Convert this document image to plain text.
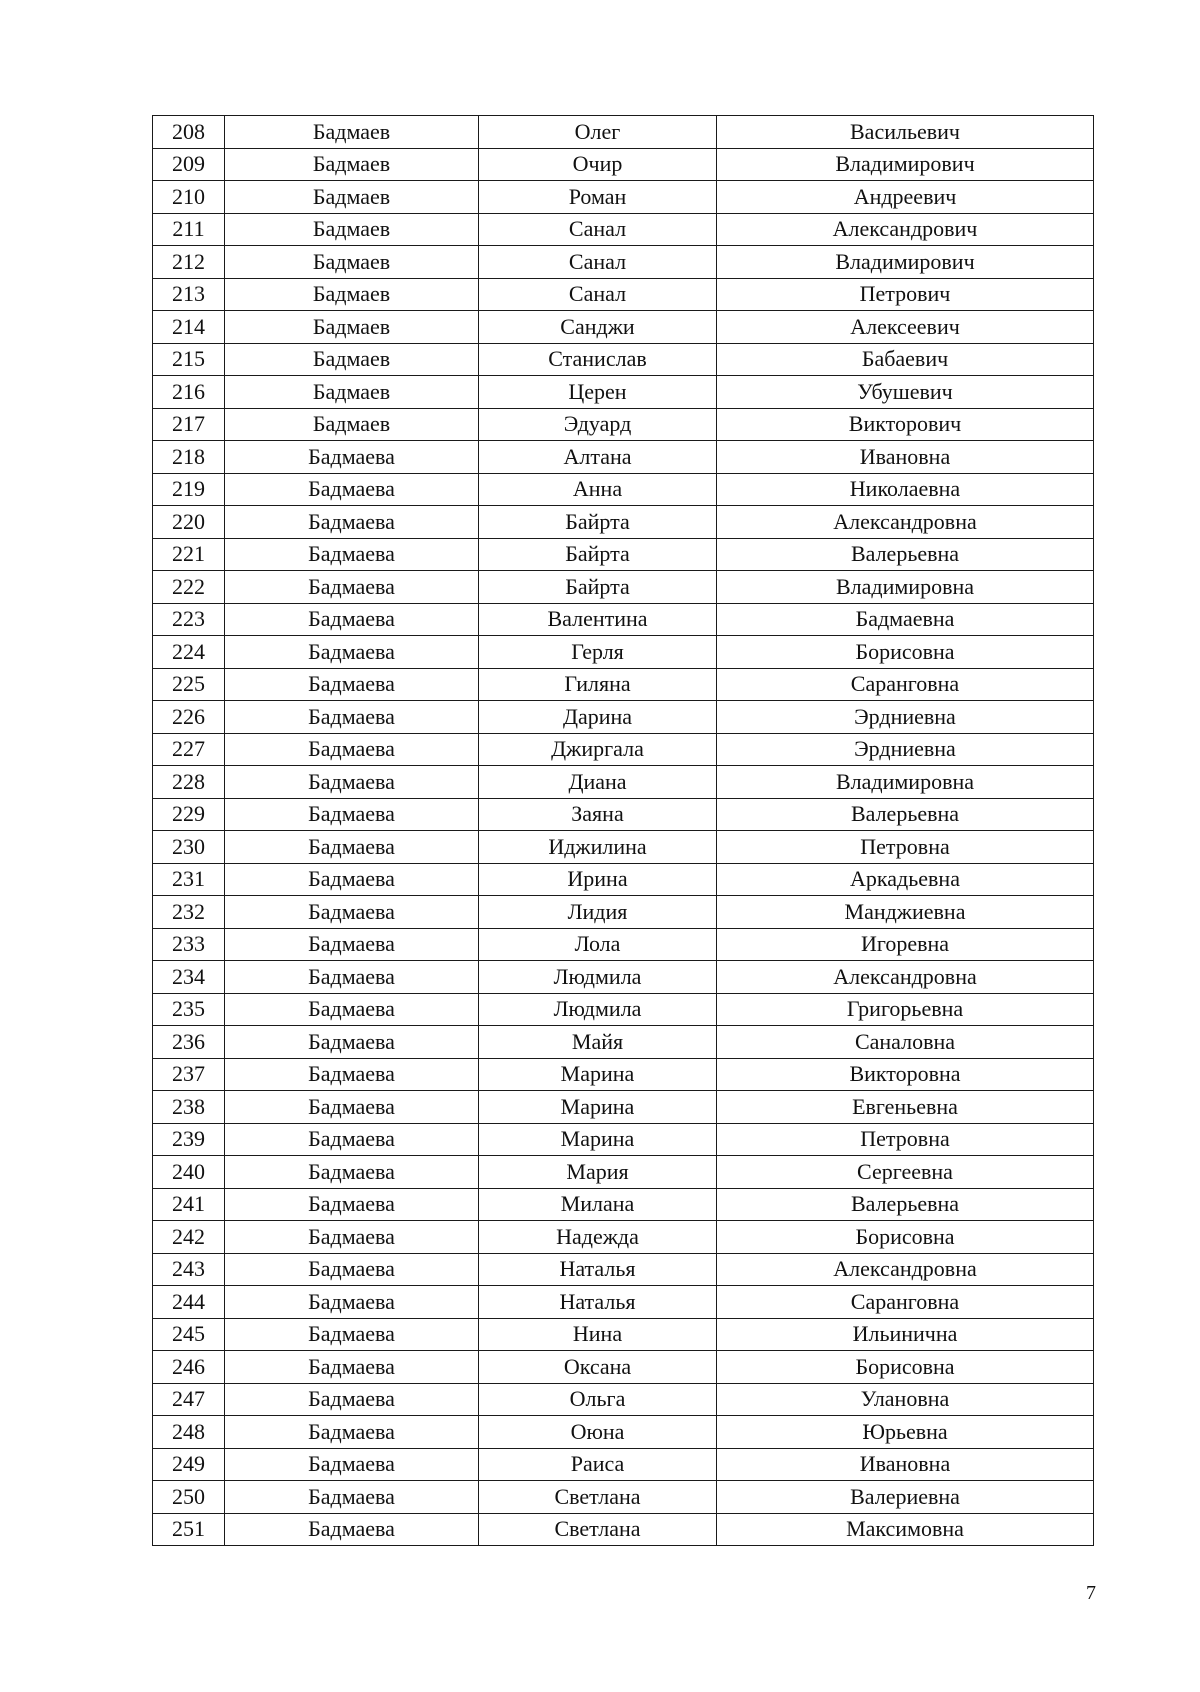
208	Бадмаев	Олег	Васильевич
209	Бадмаев	Очир	Владимирович
210	Бадмаев	Роман	Андреевич
211	Бадмаев	Санал	Александрович
212	Бадмаев	Санал	Владимирович
213	Бадмаев	Санал	Петрович
214	Бадмаев	Санджи	Алексеевич
215	Бадмаев	Станислав	Бабаевич
216	Бадмаев	Церен	Убушевич
217	Бадмаев	Эдуард	Викторович
218	Бадмаева	Алтана	Ивановна
219	Бадмаева	Анна	Николаевна
220	Бадмаева	Байрта	Александровна
221	Бадмаева	Байрта	Валерьевна
222	Бадмаева	Байрта	Владимировна
223	Бадмаева	Валентина	Бадмаевна
224	Бадмаева	Герля	Борисовна
225	Бадмаева	Гиляна	Саранговна
226	Бадмаева	Дарина	Эрдниевна
227	Бадмаева	Джиргала	Эрдниевна
228	Бадмаева	Диана	Владимировна
229	Бадмаева	Заяна	Валерьевна
230	Бадмаева	Иджилина	Петровна
231	Бадмаева	Ирина	Аркадьевна
232	Бадмаева	Лидия	Манджиевна
233	Бадмаева	Лола	Игоревна
234	Бадмаева	Людмила	Александровна
235	Бадмаева	Людмила	Григорьевна
236	Бадмаева	Майя	Саналовна
237	Бадмаева	Марина	Викторовна
238	Бадмаева	Марина	Евгеньевна
239	Бадмаева	Марина	Петровна
240	Бадмаева	Мария	Сергеевна
241	Бадмаева	Милана	Валерьевна
242	Бадмаева	Надежда	Борисовна
243	Бадмаева	Наталья	Александровна
244	Бадмаева	Наталья	Саранговна
245	Бадмаева	Нина	Ильинична
246	Бадмаева	Оксана	Борисовна
247	Бадмаева	Ольга	Улановна
248	Бадмаева	Оюна	Юрьевна
249	Бадмаева	Раиса	Ивановна
250	Бадмаева	Светлана	Валериевна
251	Бадмаева	Светлана	Максимовна
7
